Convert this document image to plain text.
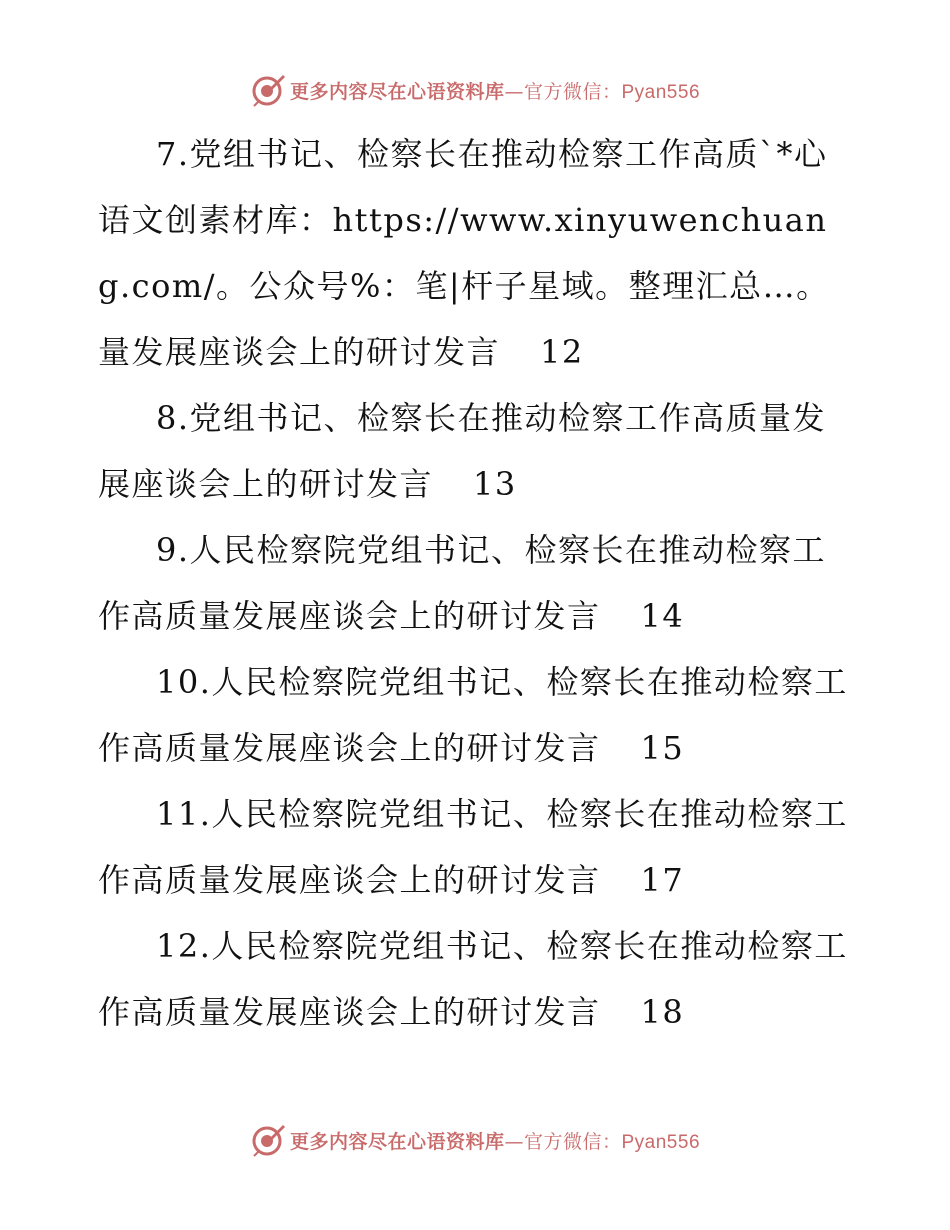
更多内容尽在心语资料库—官方微信：Pyan556

7.党组书记、检察长在推动检察工作高质`*心语文创素材库：https://www.xinyuwenchuang.com/。公众号%：笔|杆子星域。整理汇总…。量发展座谈会上的研讨发言 12

8.党组书记、检察长在推动检察工作高质量发展座谈会上的研讨发言 13

9.人民检察院党组书记、检察长在推动检察工作高质量发展座谈会上的研讨发言 14

10.人民检察院党组书记、检察长在推动检察工作高质量发展座谈会上的研讨发言 15

11.人民检察院党组书记、检察长在推动检察工作高质量发展座谈会上的研讨发言 17

12.人民检察院党组书记、检察长在推动检察工作高质量发展座谈会上的研讨发言 18

更多内容尽在心语资料库—官方微信：Pyan556
